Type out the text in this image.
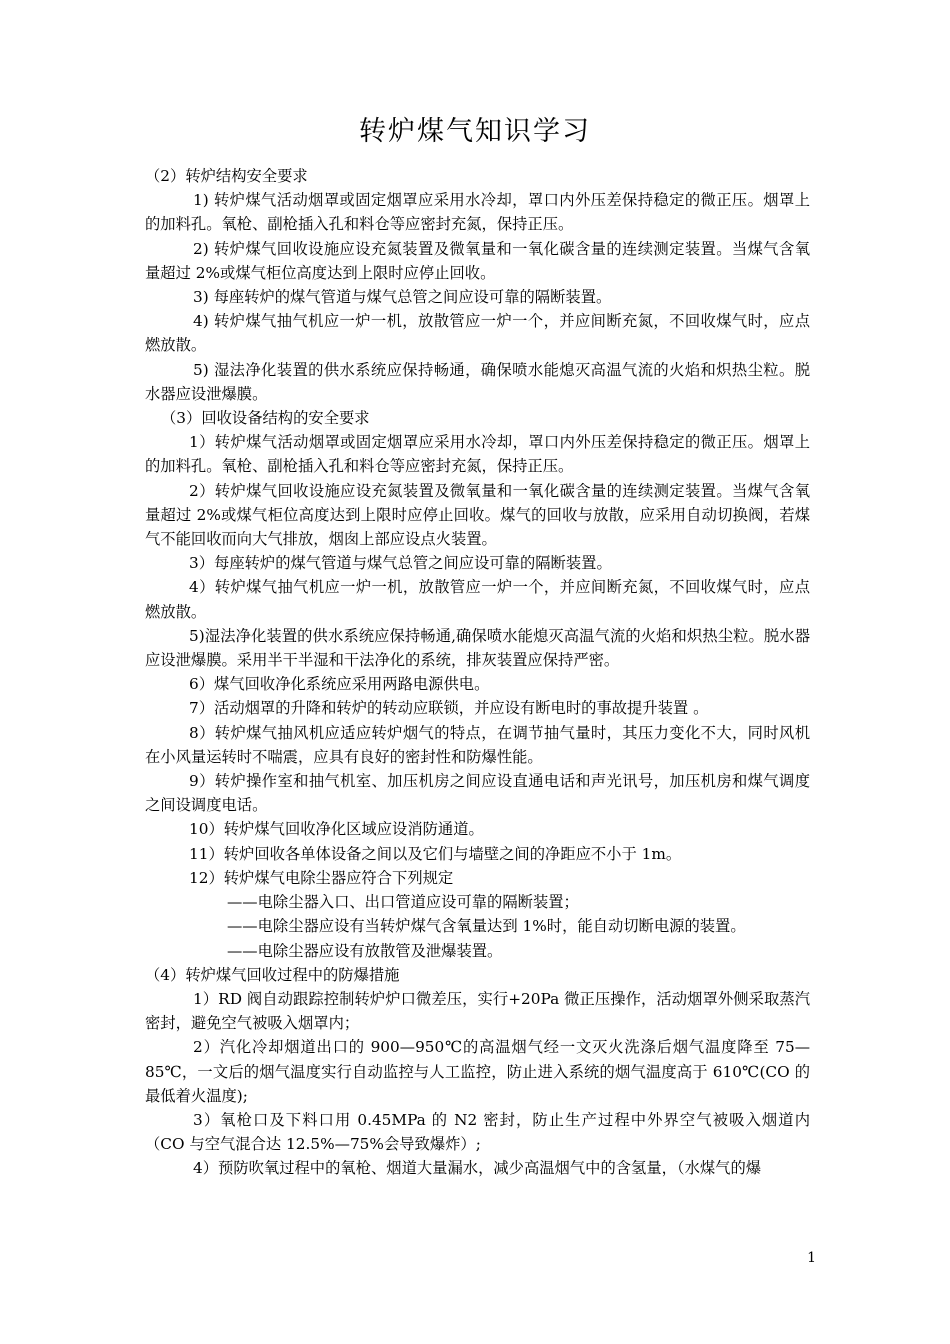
转炉煤气知识学习

（2）转炉结构安全要求

1) 转炉煤气活动烟罩或固定烟罩应采用水冷却，罩口内外压差保持稳定的微正压。烟罩上的加料孔。氧枪、副枪插入孔和料仓等应密封充氮，保持正压。

2) 转炉煤气回收设施应设充氮装置及微氧量和一氧化碳含量的连续测定装置。当煤气含氧量超过 2%或煤气柜位高度达到上限时应停止回收。

3) 每座转炉的煤气管道与煤气总管之间应设可靠的隔断装置。

4) 转炉煤气抽气机应一炉一机，放散管应一炉一个，并应间断充氮，不回收煤气时，应点燃放散。

5) 湿法净化装置的供水系统应保持畅通，确保喷水能熄灭高温气流的火焰和炽热尘粒。脱水器应设泄爆膜。

（3）回收设备结构的安全要求

1）转炉煤气活动烟罩或固定烟罩应采用水冷却，罩口内外压差保持稳定的微正压。烟罩上的加料孔。氧枪、副枪插入孔和料仓等应密封充氮，保持正压。

2）转炉煤气回收设施应设充氮装置及微氧量和一氧化碳含量的连续测定装置。当煤气含氧量超过 2%或煤气柜位高度达到上限时应停止回收。煤气的回收与放散，应采用自动切换阀，若煤气不能回收而向大气排放，烟囱上部应设点火装置。

3）每座转炉的煤气管道与煤气总管之间应设可靠的隔断装置。

4）转炉煤气抽气机应一炉一机，放散管应一炉一个，并应间断充氮，不回收煤气时，应点燃放散。

5)湿法净化装置的供水系统应保持畅通,确保喷水能熄灭高温气流的火焰和炽热尘粒。脱水器应设泄爆膜。采用半干半湿和干法净化的系统，排灰装置应保持严密。

6）煤气回收净化系统应采用两路电源供电。

7）活动烟罩的升降和转炉的转动应联锁，并应设有断电时的事故提升装置 。

8）转炉煤气抽风机应适应转炉烟气的特点，在调节抽气量时，其压力变化不大，同时风机在小风量运转时不喘震，应具有良好的密封性和防爆性能。

9）转炉操作室和抽气机室、加压机房之间应设直通电话和声光讯号，加压机房和煤气调度之间设调度电话。

10）转炉煤气回收净化区域应设消防通道。

11）转炉回收各单体设备之间以及它们与墙壁之间的净距应不小于 1m。

12）转炉煤气电除尘器应符合下列规定

——电除尘器入口、出口管道应设可靠的隔断装置；

——电除尘器应设有当转炉煤气含氧量达到 1%时，能自动切断电源的装置。

——电除尘器应设有放散管及泄爆装置。

（4）转炉煤气回收过程中的防爆措施

1）RD 阀自动跟踪控制转炉炉口微差压，实行+20Pa 微正压操作，活动烟罩外侧采取蒸汽密封，避免空气被吸入烟罩内；

2）汽化冷却烟道出口的 900—950℃的高温烟气经一文灭火洗涤后烟气温度降至 75—85℃，一文后的烟气温度实行自动监控与人工监控，防止进入系统的烟气温度高于 610℃(CO 的最低着火温度);

3）氧枪口及下料口用 0.45MPa 的 N2 密封，防止生产过程中外界空气被吸入烟道内（CO 与空气混合达 12.5%—75%会导致爆炸）;

4）预防吹氧过程中的氧枪、烟道大量漏水，减少高温烟气中的含氢量，（水煤气的爆

1
